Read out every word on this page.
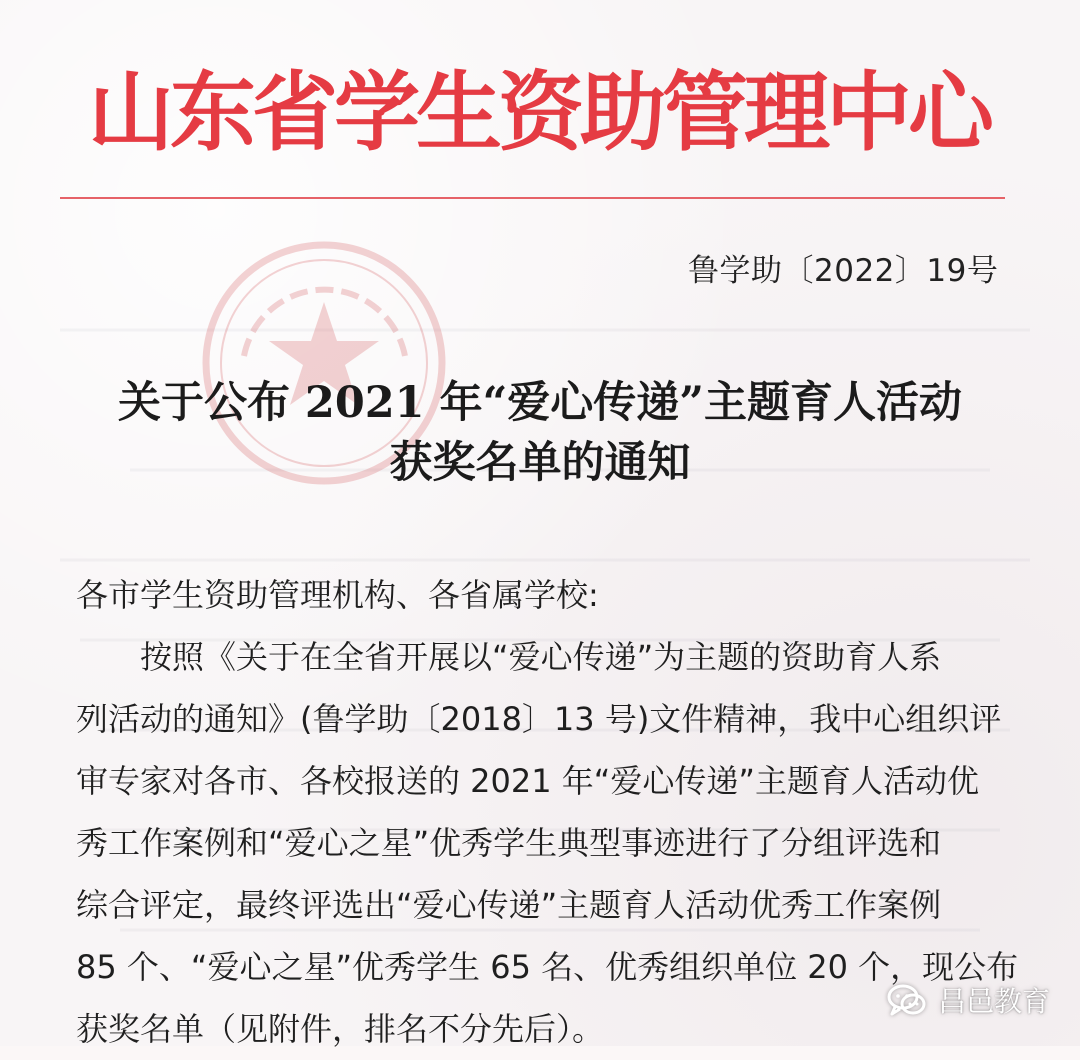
山东省学生资助管理中心
鲁学助〔2022〕19号
关于公布 2021 年“爱心传递”主题育人活动
获奖名单的通知
各市学生资助管理机构、各省属学校:
按照《关于在全省开展以“爱心传递”为主题的资助育人系
列活动的通知》(鲁学助〔2018〕13 号)文件精神，我中心组织评
审专家对各市、各校报送的 2021 年“爱心传递”主题育人活动优
秀工作案例和“爱心之星”优秀学生典型事迹进行了分组评选和
综合评定，最终评选出“爱心传递”主题育人活动优秀工作案例
85 个、“爱心之星”优秀学生 65 名、优秀组织单位 20 个，现公布
获奖名单（见附件，排名不分先后）。
昌邑教育
